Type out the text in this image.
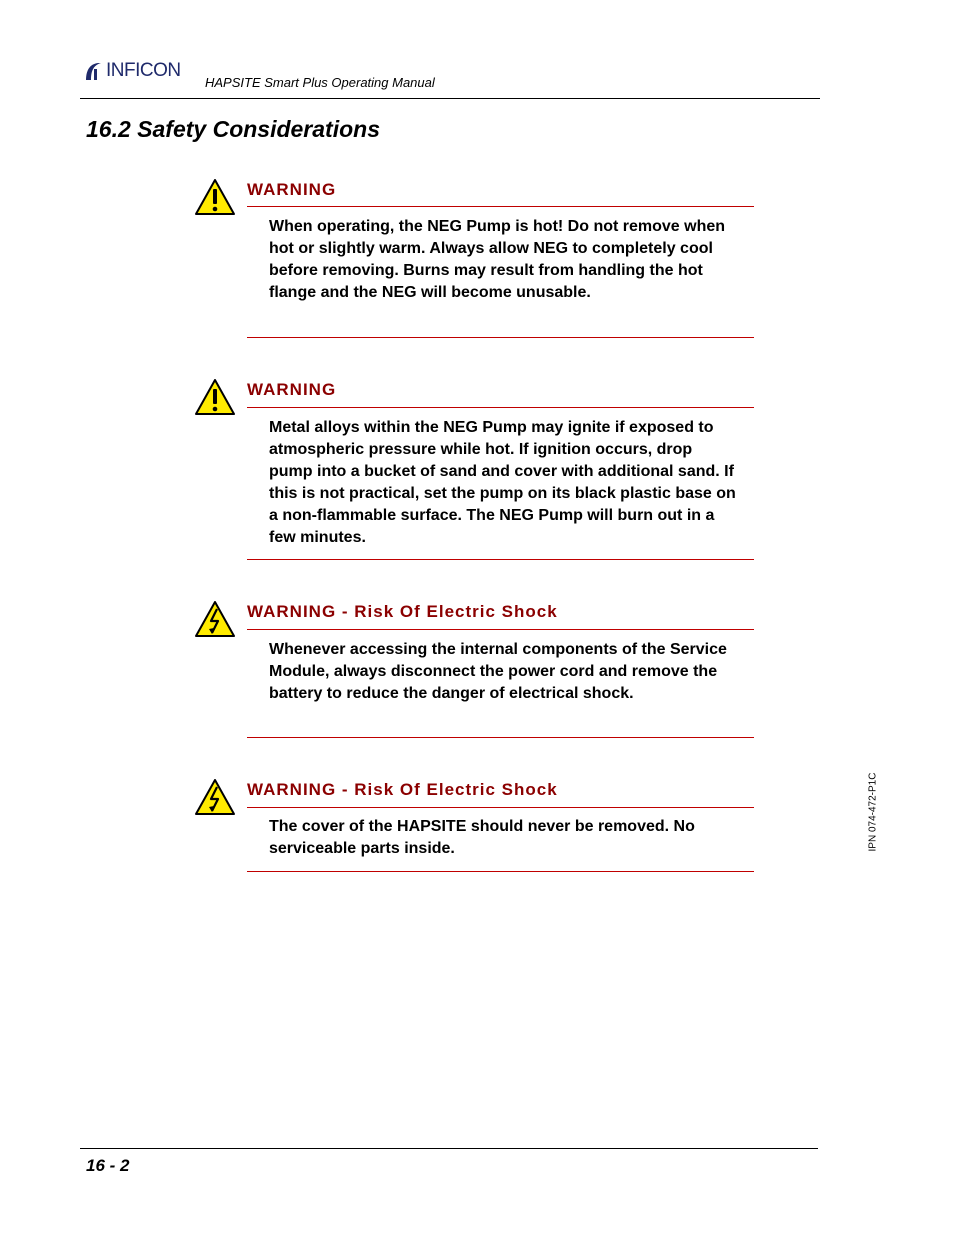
INFICON
HAPSITE Smart Plus Operating Manual
16.2 Safety Considerations
WARNING
When operating, the NEG Pump is hot! Do not remove when hot or slightly warm. Always allow NEG to completely cool before removing. Burns may result from handling the hot flange and the NEG will become unusable.
WARNING
Metal alloys within the NEG Pump may ignite if exposed to atmospheric pressure while hot. If ignition occurs, drop pump into a bucket of sand and cover with additional sand. If this is not practical, set the pump on its black plastic base on a non-flammable surface. The NEG Pump will burn out in a few minutes.
WARNING - Risk Of Electric Shock
Whenever accessing the internal components of the Service Module, always disconnect the power cord and remove the battery to reduce the danger of electrical shock.
WARNING - Risk Of Electric Shock
The cover of the HAPSITE should never be removed. No serviceable parts inside.	IPN 074-472-P1C
16 - 2
